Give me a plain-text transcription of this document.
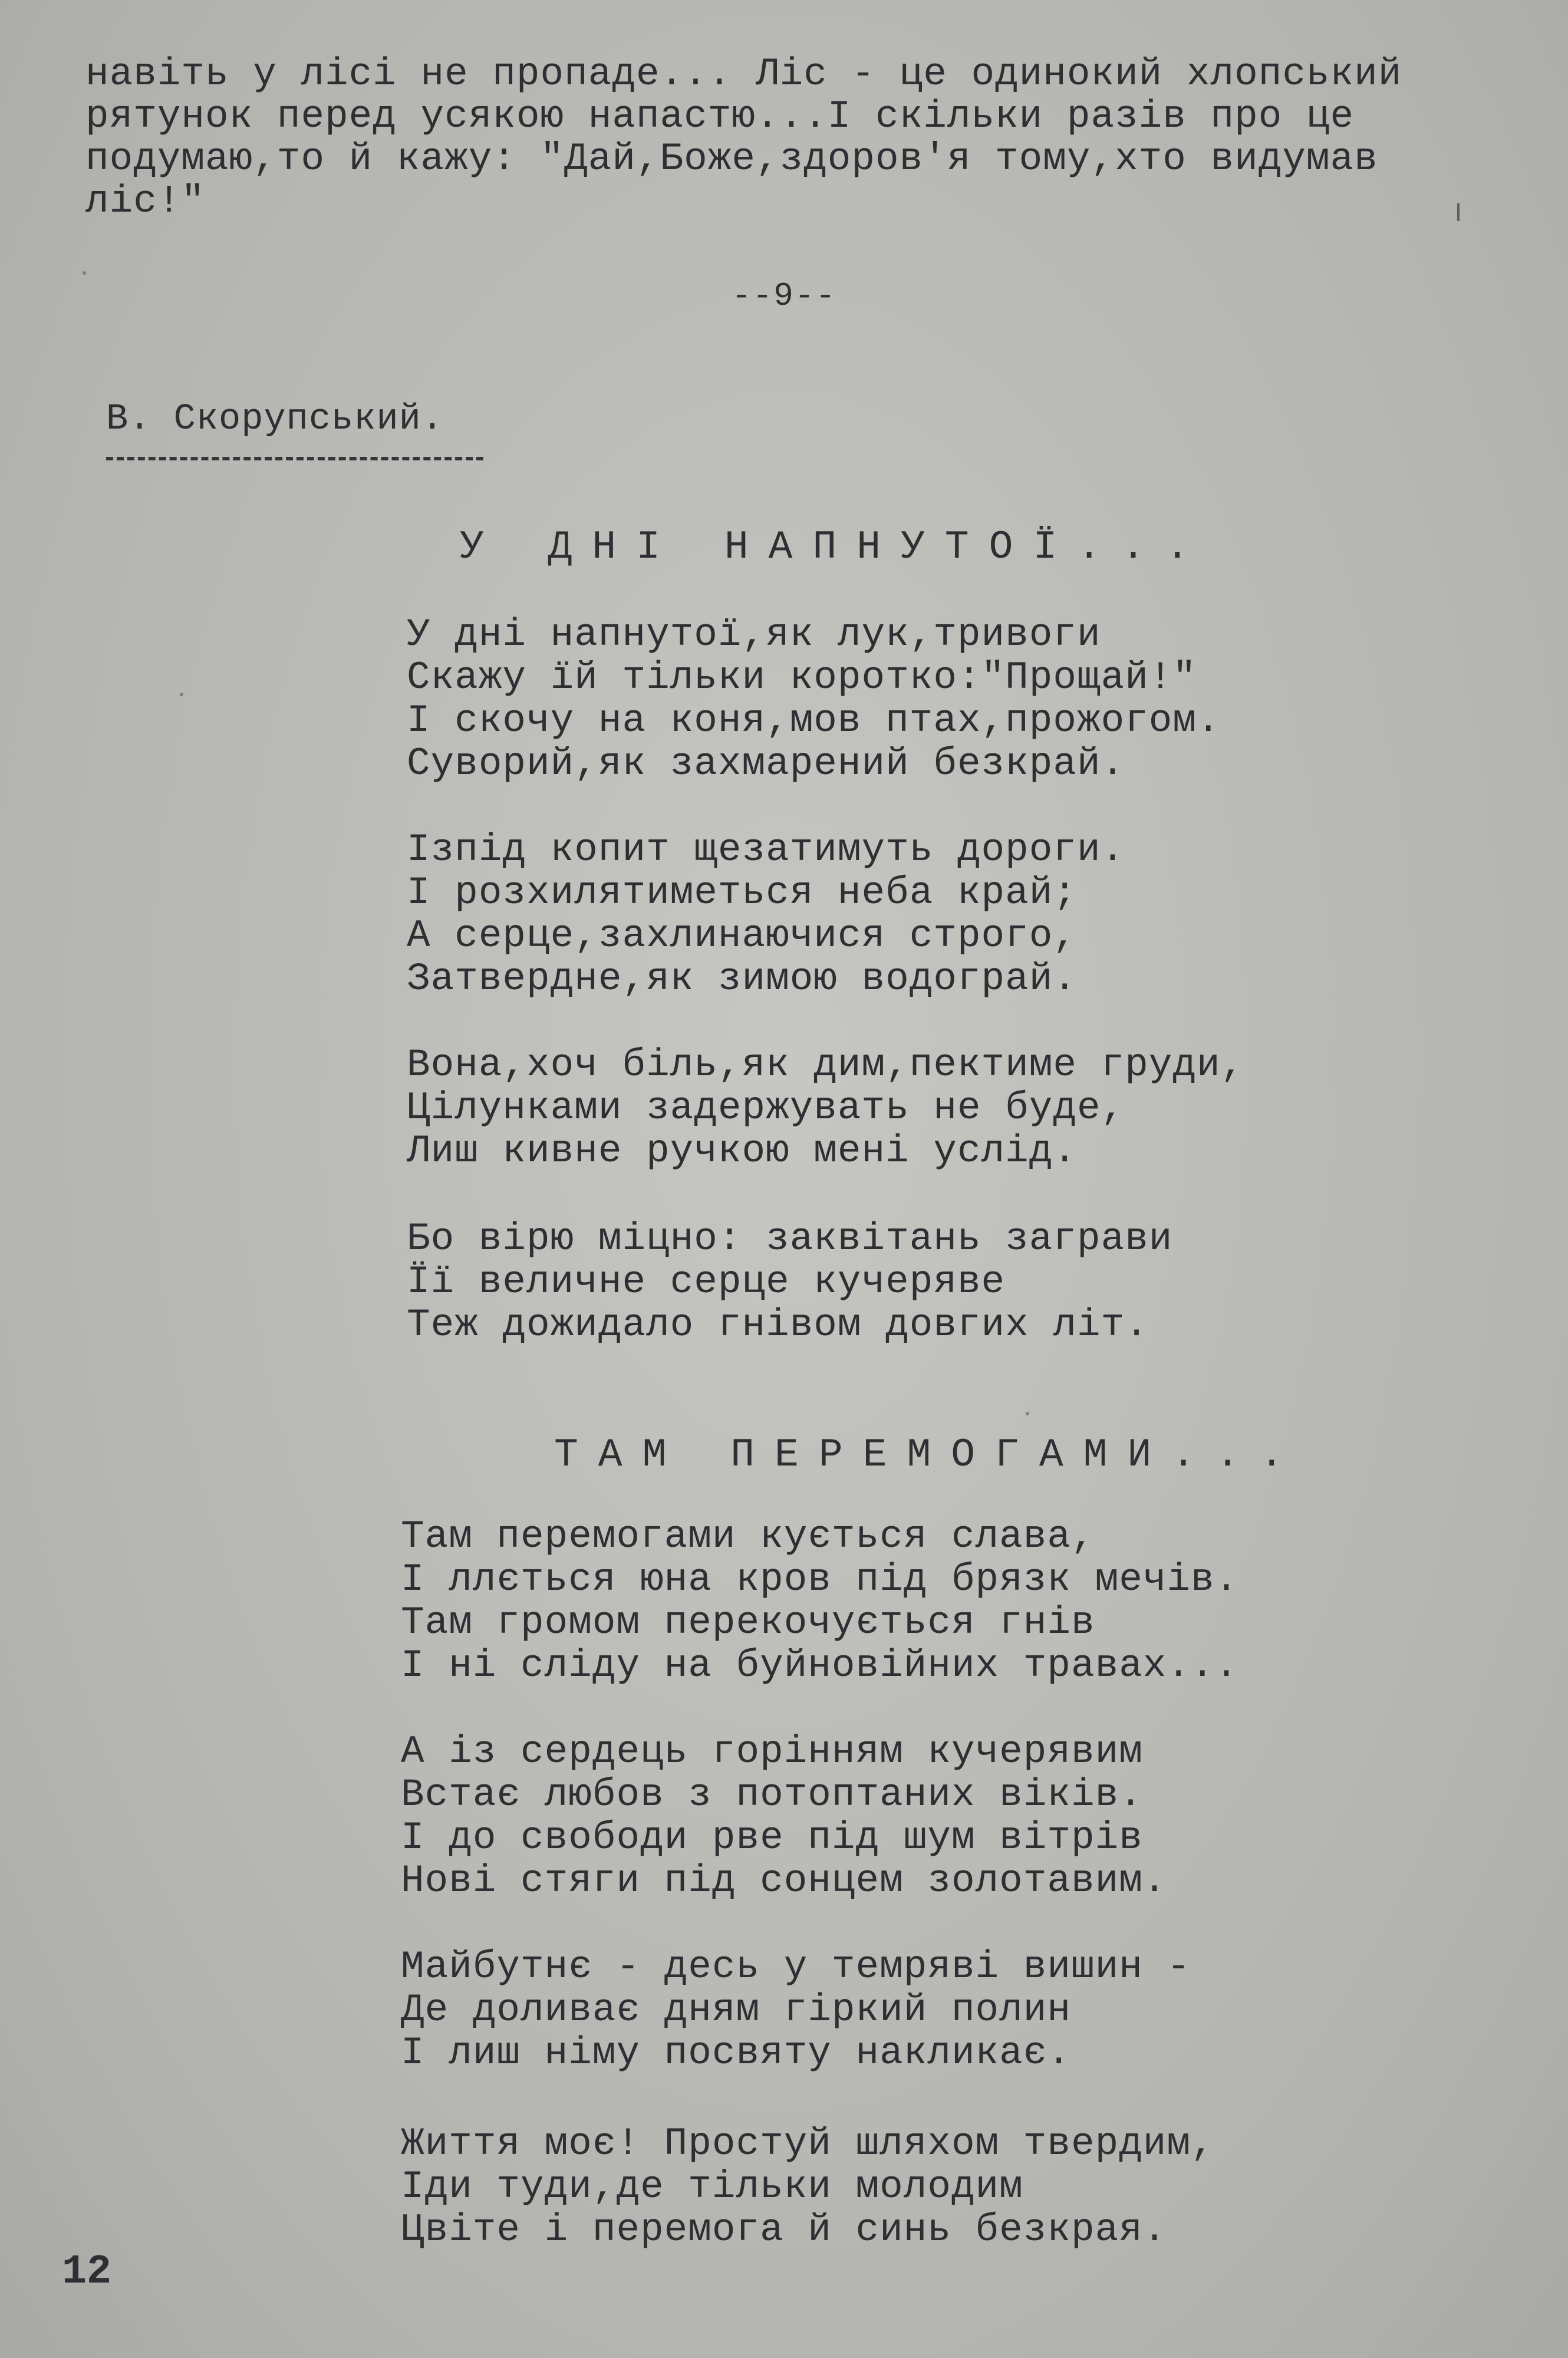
навіть у лісі не пропаде... Ліс - це одинокий хлопський
рятунок перед усякою напастю...І скільки разів про це
подумаю,то й кажу: "Дай,Боже,здоров'я тому,хто видумав
ліс!"

--9--
В. Скорупський.
У ДНІ НАПНУТОЇ...

У дні напнутої,як лук,тривоги
Скажу їй тільки коротко:"Прощай!"
І скочу на коня,мов птах,прожогом.
Суворий,як захмарений безкрай.

Ізпід копит щезатимуть дороги.
І розхилятиметься неба край;
А серце,захлинаючися строго,
Затвердне,як зимою водограй.

Вона,хоч біль,як дим,пектиме груди,
Цілунками задержувать не буде,
Лиш кивне ручкою мені услід.

Бо вірю міцно: заквітань заграви
Її величне серце кучеряве
Теж дожидало гнівом довгих літ.

ТАМ ПЕРЕМОГАМИ...

Там перемогами кується слава,
І ллється юна кров під брязк мечів.
Там громом перекочується гнів
І ні сліду на буйновійних травах...

А із сердець горінням кучерявим
Встає любов з потоптаних віків.
І до свободи рве під шум вітрів
Нові стяги під сонцем золотавим.

Майбутнє - десь у темряві вишин -
Де доливає дням гіркий полин
І лиш німу посвяту накликає.

Життя моє! Простуй шляхом твердим,
Іди туди,де тільки молодим
Цвіте і перемога й синь безкрая.

12
